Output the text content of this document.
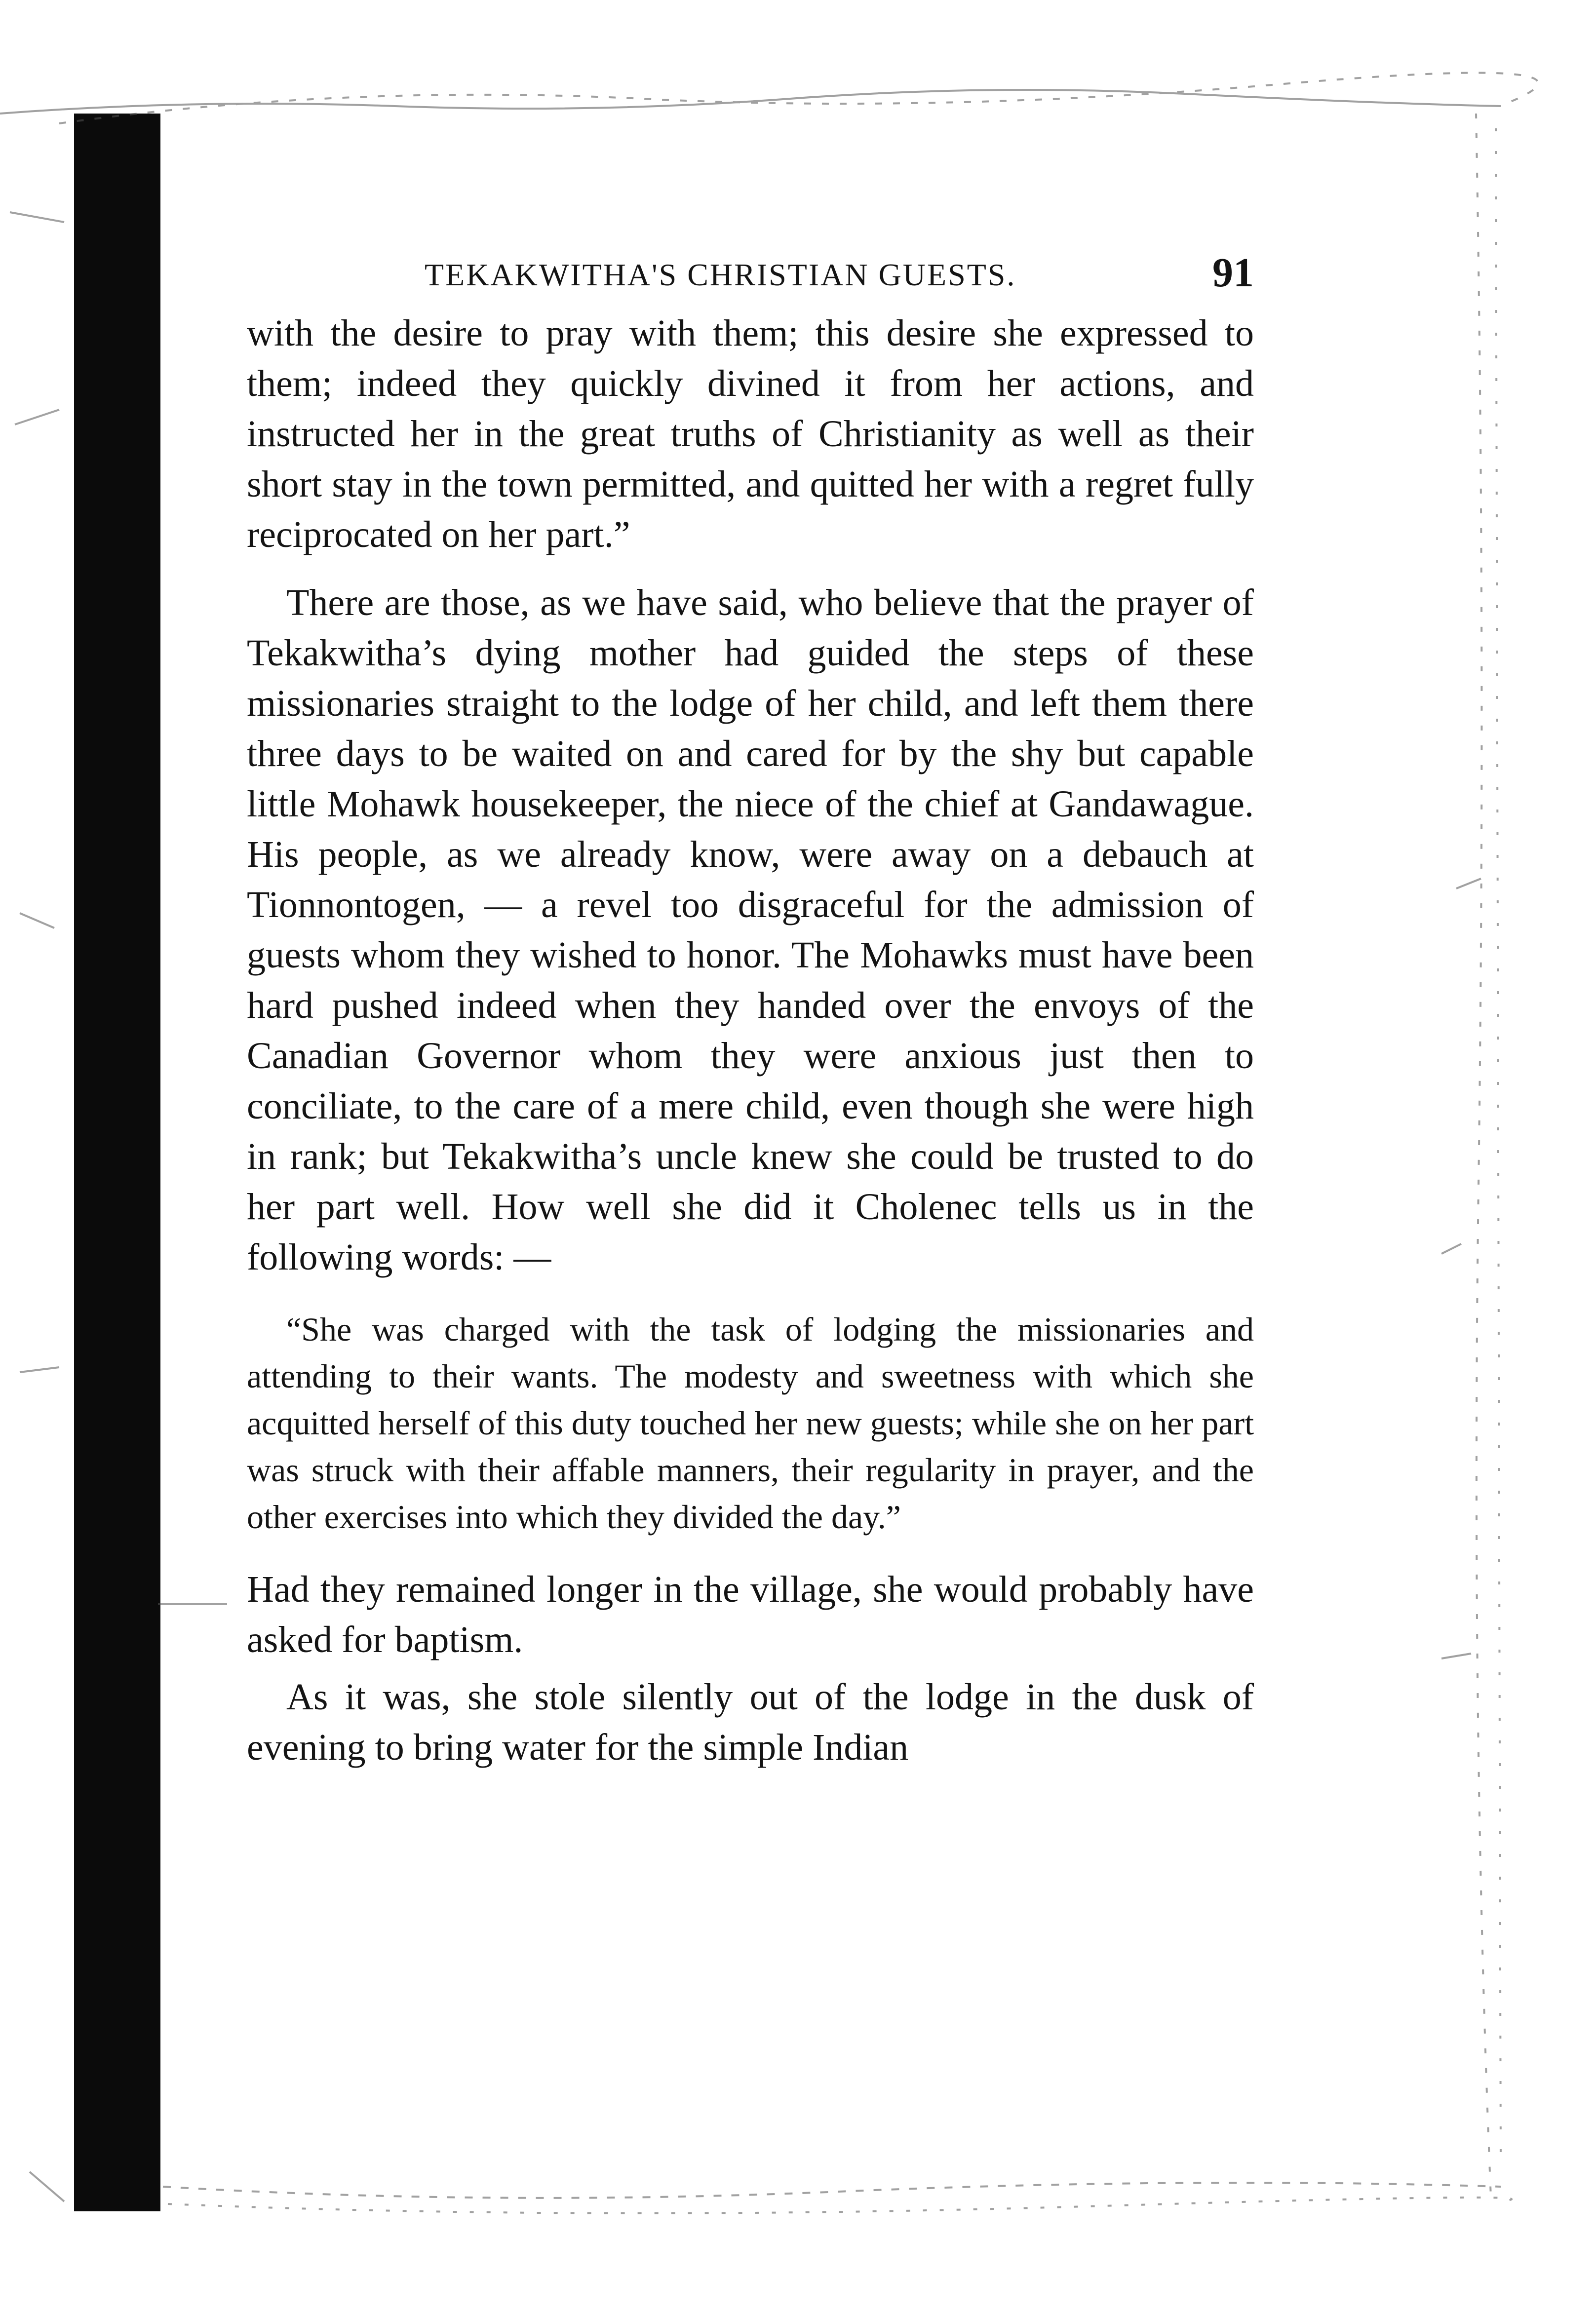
TEKAKWITHA'S CHRISTIAN GUESTS.	91

with the desire to pray with them; this desire she expressed to them; indeed they quickly divined it from her actions, and instructed her in the great truths of Christianity as well as their short stay in the town permitted, and quitted her with a regret fully reciprocated on her part.”

There are those, as we have said, who believe that the prayer of Tekakwitha’s dying mother had guided the steps of these missionaries straight to the lodge of her child, and left them there three days to be waited on and cared for by the shy but capable little Mohawk housekeeper, the niece of the chief at Gandawague. His people, as we already know, were away on a debauch at Tionnontogen, — a revel too disgraceful for the admission of guests whom they wished to honor. The Mohawks must have been hard pushed indeed when they handed over the envoys of the Canadian Governor whom they were anxious just then to conciliate, to the care of a mere child, even though she were high in rank; but Tekakwitha’s uncle knew she could be trusted to do her part well. How well she did it Cholenec tells us in the following words: —

“She was charged with the task of lodging the missionaries and attending to their wants. The modesty and sweetness with which she acquitted herself of this duty touched her new guests; while she on her part was struck with their affable manners, their regularity in prayer, and the other exercises into which they divided the day.”

Had they remained longer in the village, she would probably have asked for baptism.

As it was, she stole silently out of the lodge in the dusk of evening to bring water for the simple Indian
